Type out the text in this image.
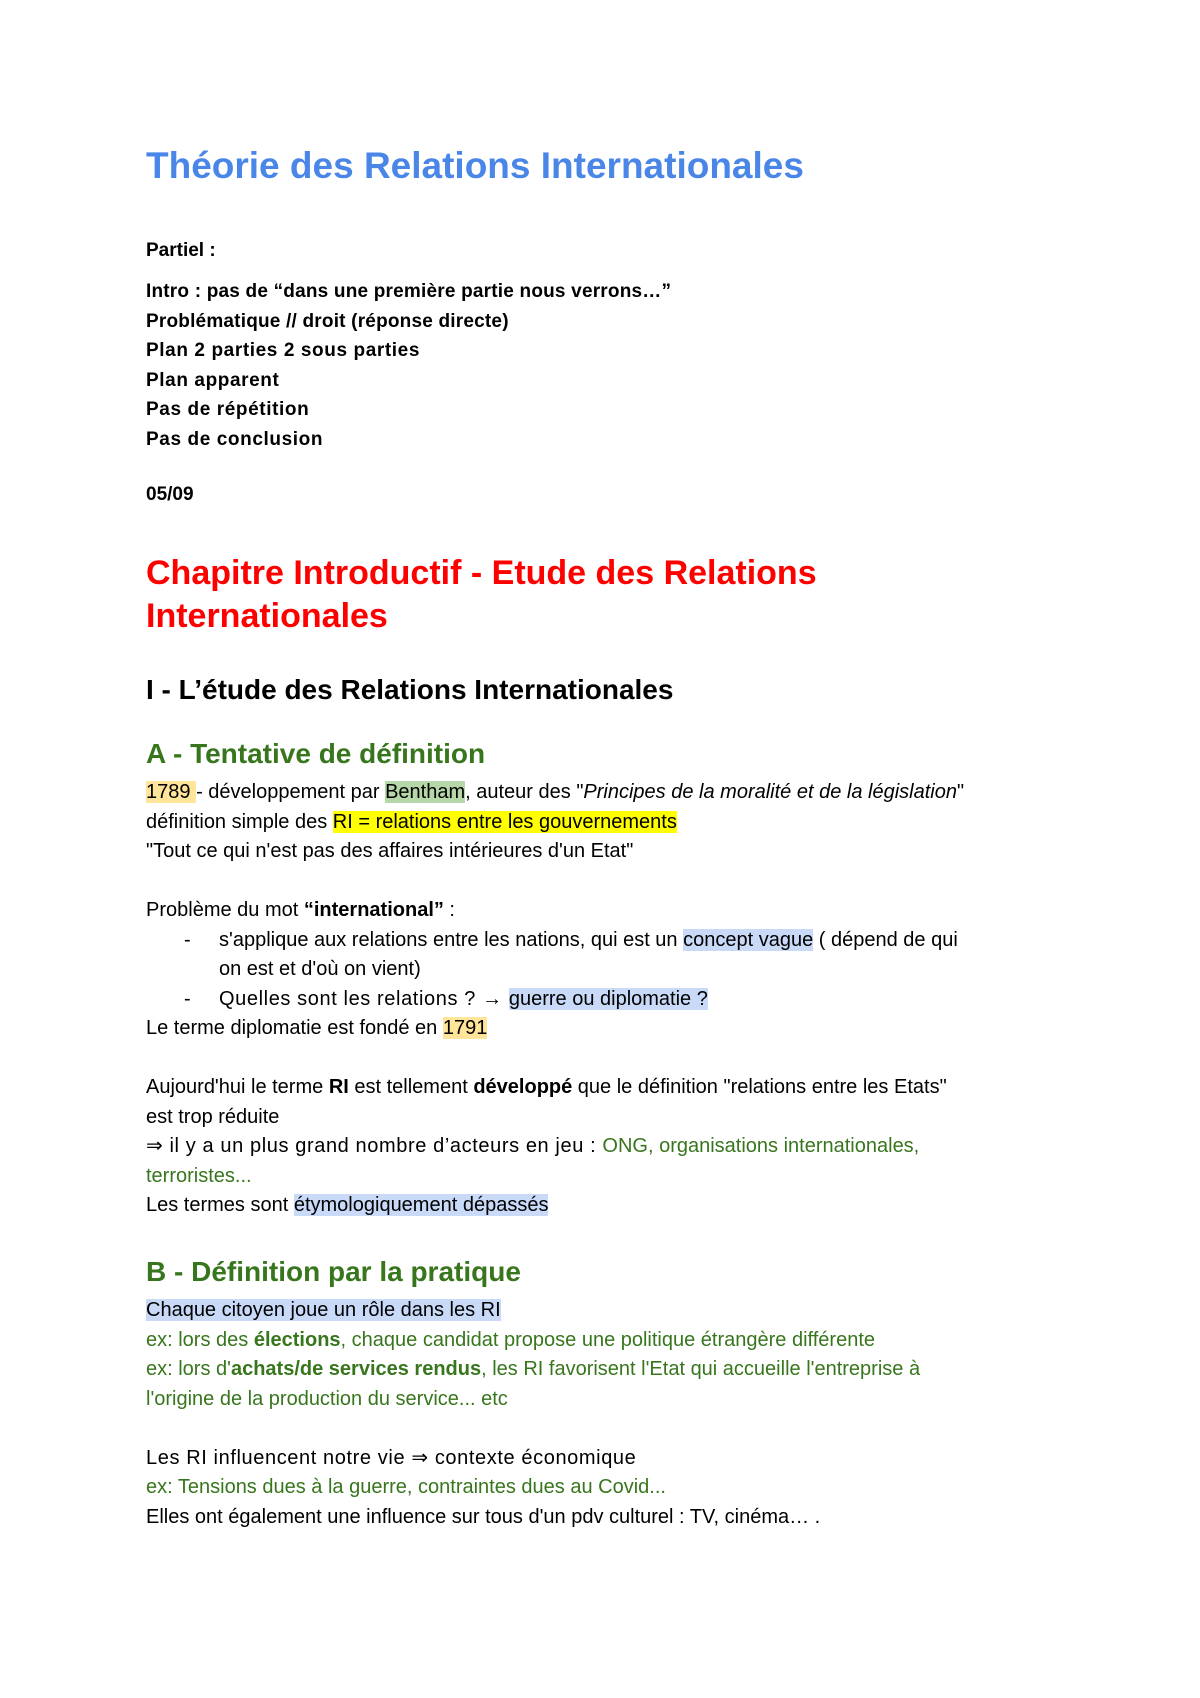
Théorie des Relations Internationales
Partiel :
Intro : pas de “dans une première partie nous verrons…”
Problématique // droit (réponse directe)
Plan 2 parties 2 sous parties
Plan apparent
Pas de répétition
Pas de conclusion
05/09
Chapitre Introductif - Etude des Relations Internationales
I - L’étude des Relations Internationales
A - Tentative de définition
1789 - développement par Bentham, auteur des "Principes de la moralité et de la législation"
définition simple des RI = relations entre les gouvernements
"Tout ce qui n'est pas des affaires intérieures d'un Etat"
Problème du mot “international” :
- s'applique aux relations entre les nations, qui est un concept vague ( dépend de qui
on est et d'où on vient)
- Quelles sont les relations ? → guerre ou diplomatie ?
Le terme diplomatie est fondé en 1791
Aujourd'hui le terme RI est tellement développé que le définition "relations entre les Etats"
est trop réduite
⇒ il y a un plus grand nombre d’acteurs en jeu : ONG, organisations internationales,
terroristes...
Les termes sont étymologiquement dépassés
B - Définition par la pratique
Chaque citoyen joue un rôle dans les RI
ex: lors des élections, chaque candidat propose une politique étrangère différente
ex: lors d'achats/de services rendus, les RI favorisent l'Etat qui accueille l'entreprise à
l'origine de la production du service... etc
Les RI influencent notre vie ⇒ contexte économique
ex: Tensions dues à la guerre, contraintes dues au Covid...
Elles ont également une influence sur tous d'un pdv culturel : TV, cinéma… .
